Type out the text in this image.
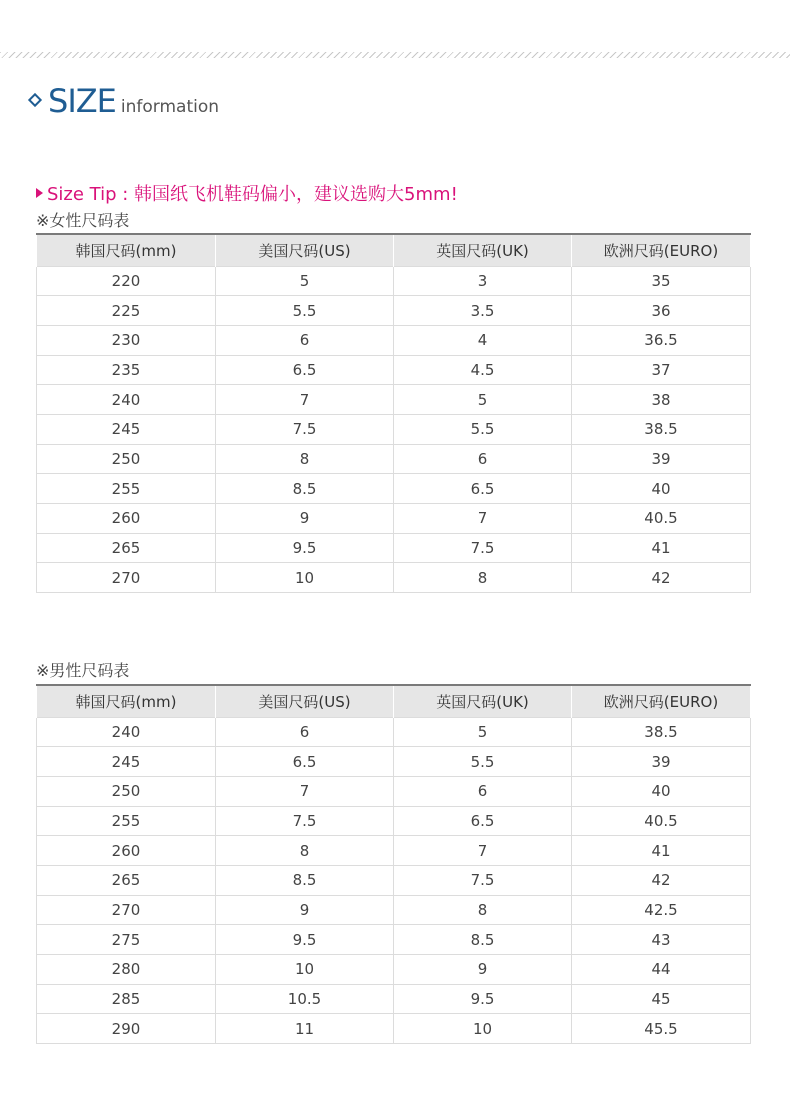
SIZE information
Size Tip : 韩国纸飞机鞋码偏小，建议选购大5mm!
※女性尺码表
韩国尺码(mm)	美国尺码(US)	英国尺码(UK)	欧洲尺码(EURO)
220	5	3	35
225	5.5	3.5	36
230	6	4	36.5
235	6.5	4.5	37
240	7	5	38
245	7.5	5.5	38.5
250	8	6	39
255	8.5	6.5	40
260	9	7	40.5
265	9.5	7.5	41
270	10	8	42
※男性尺码表
韩国尺码(mm)	美国尺码(US)	英国尺码(UK)	欧洲尺码(EURO)
240	6	5	38.5
245	6.5	5.5	39
250	7	6	40
255	7.5	6.5	40.5
260	8	7	41
265	8.5	7.5	42
270	9	8	42.5
275	9.5	8.5	43
280	10	9	44
285	10.5	9.5	45
290	11	10	45.5
